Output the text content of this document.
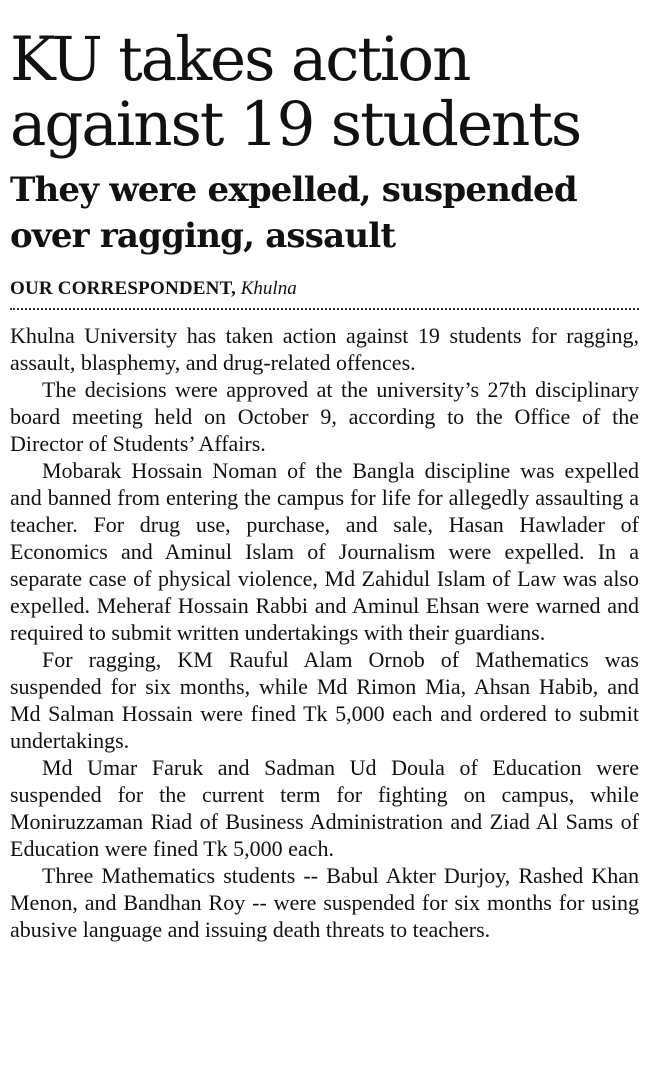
KU takes action
against 19 students
They were expelled, suspended
over ragging, assault
OUR CORRESPONDENT, Khulna

Khulna University has taken action against 19 students for ragging, assault, blasphemy, and drug-related offences.

The decisions were approved at the university’s 27th disciplinary board meeting held on October 9, according to the Office of the Director of Students’ Affairs.

Mobarak Hossain Noman of the Bangla discipline was expelled and banned from entering the campus for life for allegedly assaulting a teacher. For drug use, purchase, and sale, Hasan Hawlader of Economics and Aminul Islam of Journalism were expelled. In a separate case of physical violence, Md Zahidul Islam of Law was also expelled. Meheraf Hossain Rabbi and Aminul Ehsan were warned and required to submit written undertakings with their guardians.

For ragging, KM Rauful Alam Ornob of Mathematics was suspended for six months, while Md Rimon Mia, Ahsan Habib, and Md Salman Hossain were fined Tk 5,000 each and ordered to submit undertakings.

Md Umar Faruk and Sadman Ud Doula of Education were suspended for the current term for fighting on campus, while Moniruzzaman Riad of Business Administration and Ziad Al Sams of Education were fined Tk 5,000 each.

Three Mathematics students -- Babul Akter Durjoy, Rashed Khan Menon, and Bandhan Roy -- were suspended for six months for using abusive language and issuing death threats to teachers.
